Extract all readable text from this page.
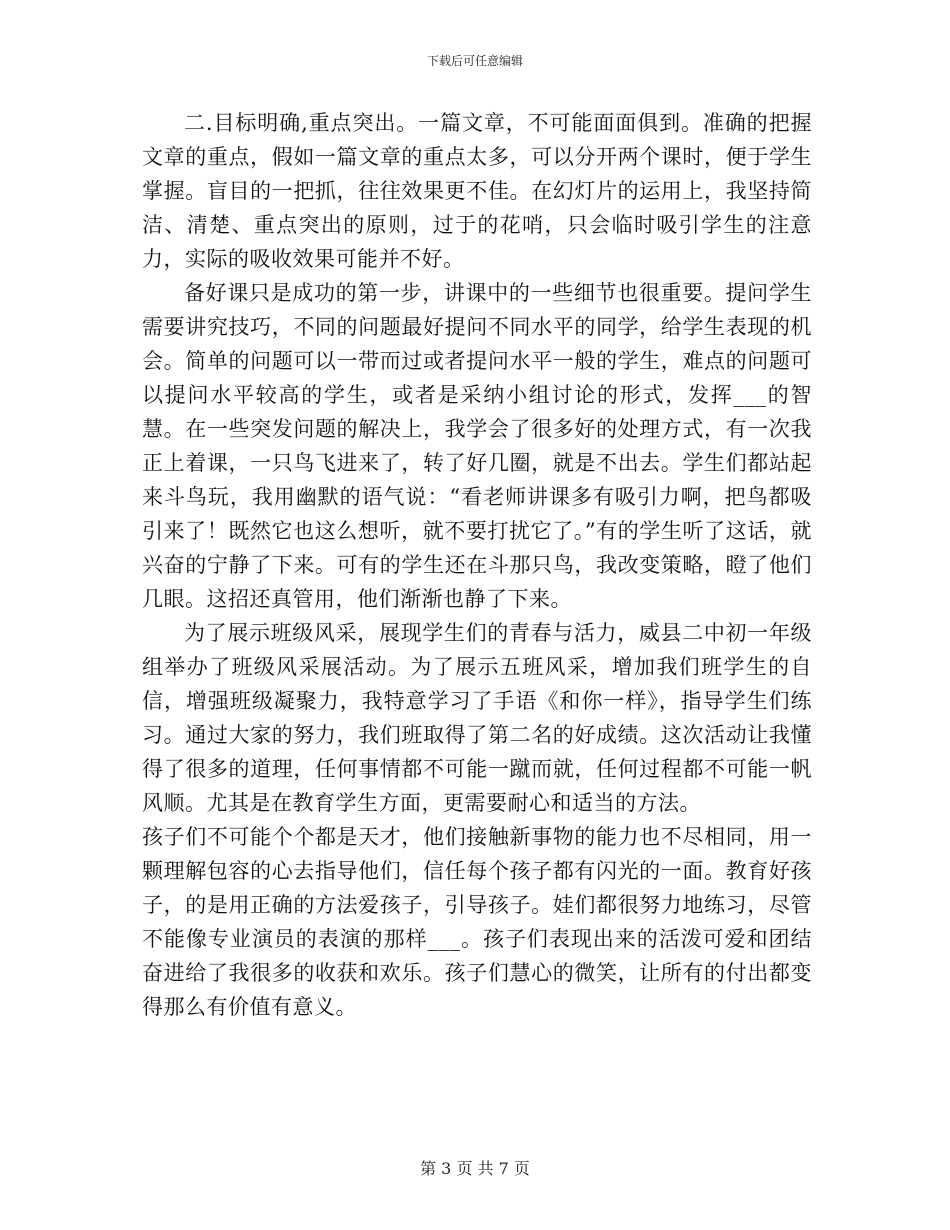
下载后可任意编辑

二.目标明确,重点突出。一篇文章，不可能面面俱到。准确的把握文章的重点，假如一篇文章的重点太多，可以分开两个课时，便于学生掌握。盲目的一把抓，往往效果更不佳。在幻灯片的运用上，我坚持简洁、清楚、重点突出的原则，过于的花哨，只会临时吸引学生的注意力，实际的吸收效果可能并不好。

备好课只是成功的第一步，讲课中的一些细节也很重要。提问学生需要讲究技巧，不同的问题最好提问不同水平的同学，给学生表现的机会。简单的问题可以一带而过或者提问水平一般的学生，难点的问题可以提问水平较高的学生，或者是采纳小组讨论的形式，发挥___的智慧。在一些突发问题的解决上，我学会了很多好的处理方式，有一次我正上着课，一只鸟飞进来了，转了好几圈，就是不出去。学生们都站起来斗鸟玩，我用幽默的语气说：“看老师讲课多有吸引力啊，把鸟都吸引来了！既然它也这么想听，就不要打扰它了。”有的学生听了这话，就兴奋的宁静了下来。可有的学生还在斗那只鸟，我改变策略，瞪了他们几眼。这招还真管用，他们渐渐也静了下来。

为了展示班级风采，展现学生们的青春与活力，威县二中初一年级组举办了班级风采展活动。为了展示五班风采，增加我们班学生的自信，增强班级凝聚力，我特意学习了手语《和你一样》，指导学生们练习。通过大家的努力，我们班取得了第二名的好成绩。这次活动让我懂得了很多的道理，任何事情都不可能一蹴而就，任何过程都不可能一帆风顺。尤其是在教育学生方面，更需要耐心和适当的方法。

孩子们不可能个个都是天才，他们接触新事物的能力也不尽相同，用一颗理解包容的心去指导他们，信任每个孩子都有闪光的一面。教育好孩子，的是用正确的方法爱孩子，引导孩子。娃们都很努力地练习，尽管不能像专业演员的表演的那样___。孩子们表现出来的活泼可爱和团结奋进给了我很多的收获和欢乐。孩子们慧心的微笑，让所有的付出都变得那么有价值有意义。

第 3 页 共 7 页
